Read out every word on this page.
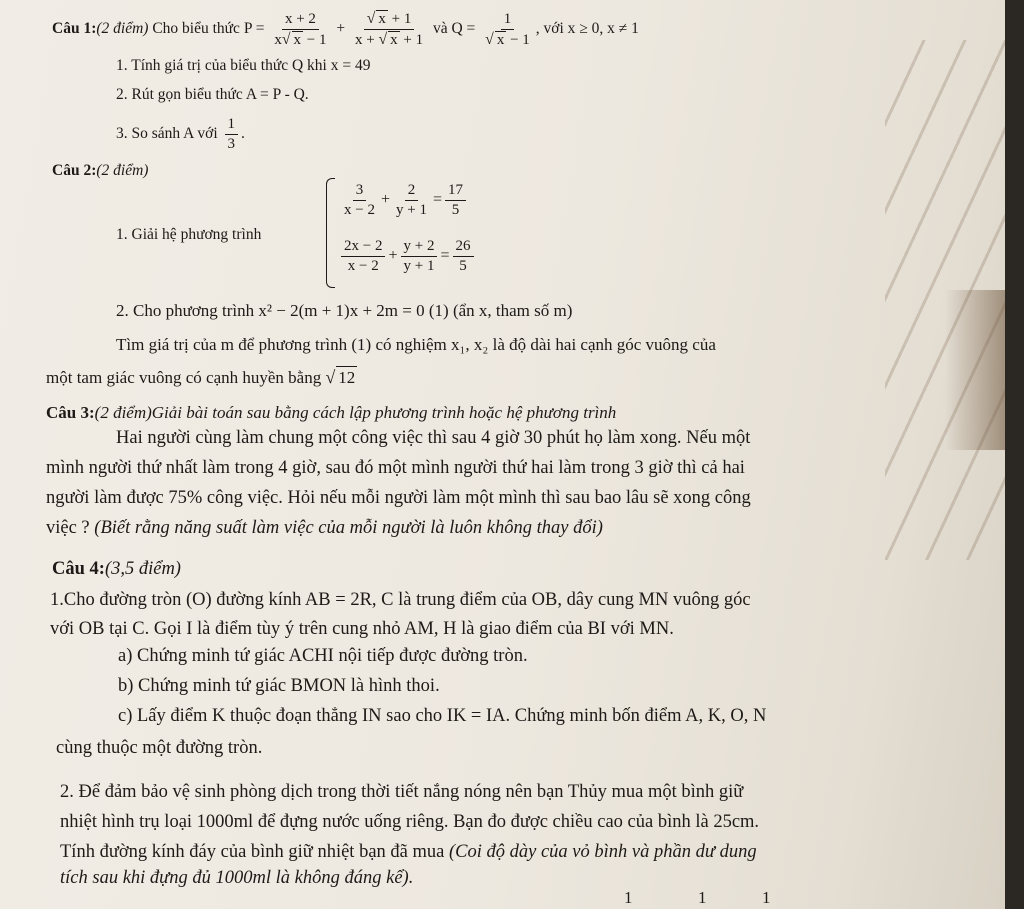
Câu 1:(2 điểm) Cho biểu thức $P = \frac{x + 2}{x√ x - 1} + \frac{√ x + 1}{x + √ x + 1}$ và $Q = \frac{1}{√ x - 1}$ , với x ≥ 0, x ≠ 1
1. Tính giá trị của biểu thức Q khi x = 49
2. Rút gọn biểu thức A = P - Q.
3. So sánh A với $\frac{1}{3}$ .
Câu 2:(2 điểm)
1. Giải hệ phương trình
$\frac{3}{x - 2} + \frac{2}{y + 1} = \frac{17}{5}$
$\frac{2x - 2}{x - 2} + \frac{y + 2}{y + 1} = \frac{26}{5}$
2. Cho phương trình x² − 2(m + 1)x + 2m = 0 (1) (ẩn x, tham số m)
Tìm giá trị của m để phương trình (1) có nghiệm x₁, x₂ là độ dài hai cạnh góc vuông của
một tam giác vuông có cạnh huyền bằng √ 12
Câu 3:(2 điểm)Giải bài toán sau bằng cách lập phương trình hoặc hệ phương trình
Hai người cùng làm chung một công việc thì sau 4 giờ 30 phút họ làm xong. Nếu một
mình người thứ nhất làm trong 4 giờ, sau đó một mình người thứ hai làm trong 3 giờ thì cả hai
người làm được 75% công việc. Hỏi nếu mỗi người làm một mình thì sau bao lâu sẽ xong công
việc ? (Biết rằng năng suất làm việc của mỗi người là luôn không thay đổi)
Câu 4:(3,5 điểm)
1.Cho đường tròn (O) đường kính AB = 2R, C là trung điểm của OB, dây cung MN vuông góc
với OB tại C. Gọi I là điểm tùy ý trên cung nhỏ AM, H là giao điểm của BI với MN.
a) Chứng minh tứ giác ACHI nội tiếp được đường tròn.
b) Chứng minh tứ giác BMON là hình thoi.
c) Lấy điểm K thuộc đoạn thẳng IN sao cho IK = IA. Chứng minh bốn điểm A, K, O, N
cùng thuộc một đường tròn.
2. Để đảm bảo vệ sinh phòng dịch trong thời tiết nắng nóng nên bạn Thủy mua một bình giữ
nhiệt hình trụ loại 1000ml để đựng nước uống riêng. Bạn đo được chiều cao của bình là 25cm.
Tính đường kính đáy của bình giữ nhiệt bạn đã mua (Coi độ dày của vỏ bình và phần dư dung
tích sau khi đựng đủ 1000ml là không đáng kể).
1	1	1
